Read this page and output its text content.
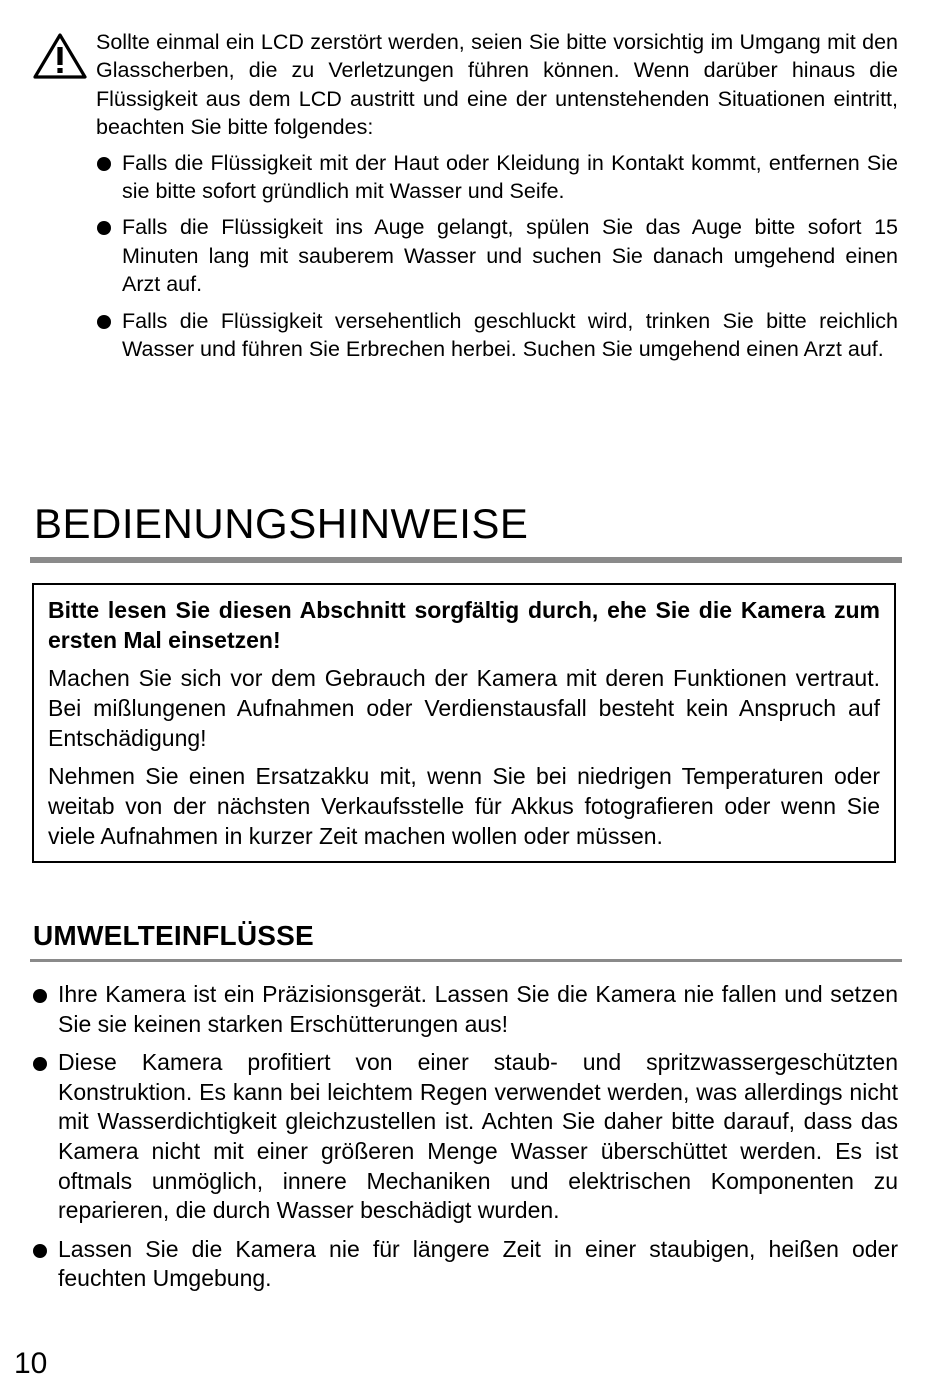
Sollte einmal ein LCD zerstört werden, seien Sie bitte vorsichtig im Umgang mit den Glasscherben, die zu Verletzungen führen können. Wenn darüber hinaus die Flüssigkeit aus dem LCD austritt und eine der untenstehenden Situationen eintritt, beachten Sie bitte folgendes:
Falls die Flüssigkeit mit der Haut oder Kleidung in Kontakt kommt, entfernen Sie sie bitte sofort gründlich mit Wasser und Seife.
Falls die Flüssigkeit ins Auge gelangt, spülen Sie das Auge bitte sofort 15 Minuten lang mit sauberem Wasser und suchen Sie danach umgehend einen Arzt auf.
Falls die Flüssigkeit versehentlich geschluckt wird, trinken Sie bitte reichlich Wasser und führen Sie Erbrechen herbei. Suchen Sie umgehend einen Arzt auf.
BEDIENUNGSHINWEISE

Bitte lesen Sie diesen Abschnitt sorgfältig durch, ehe Sie die Kamera zum ersten Mal einsetzen!

Machen Sie sich vor dem Gebrauch der Kamera mit deren Funktionen vertraut. Bei mißlungenen Aufnahmen oder Verdienstausfall besteht kein Anspruch auf Entschädigung!

Nehmen Sie einen Ersatzakku mit, wenn Sie bei niedrigen Temperaturen oder weitab von der nächsten Verkaufsstelle für Akkus fotografieren oder wenn Sie viele Aufnahmen in kurzer Zeit machen wollen oder müssen.

UMWELTEINFLÜSSE
Ihre Kamera ist ein Präzisionsgerät. Lassen Sie die Kamera nie fallen und setzen Sie sie keinen starken Erschütterungen aus!
Diese Kamera profitiert von einer staub- und spritzwassergeschützten Konstruktion. Es kann bei leichtem Regen verwendet werden, was allerdings nicht mit Wasserdichtigkeit gleichzustellen ist. Achten Sie daher bitte darauf, dass das Kamera nicht mit einer größeren Menge Wasser überschüttet werden. Es ist oftmals unmöglich, innere Mechaniken und elektrischen Komponenten zu reparieren, die durch Wasser beschädigt wurden.
Lassen Sie die Kamera nie für längere Zeit in einer staubigen, heißen oder feuchten Umgebung.
10
